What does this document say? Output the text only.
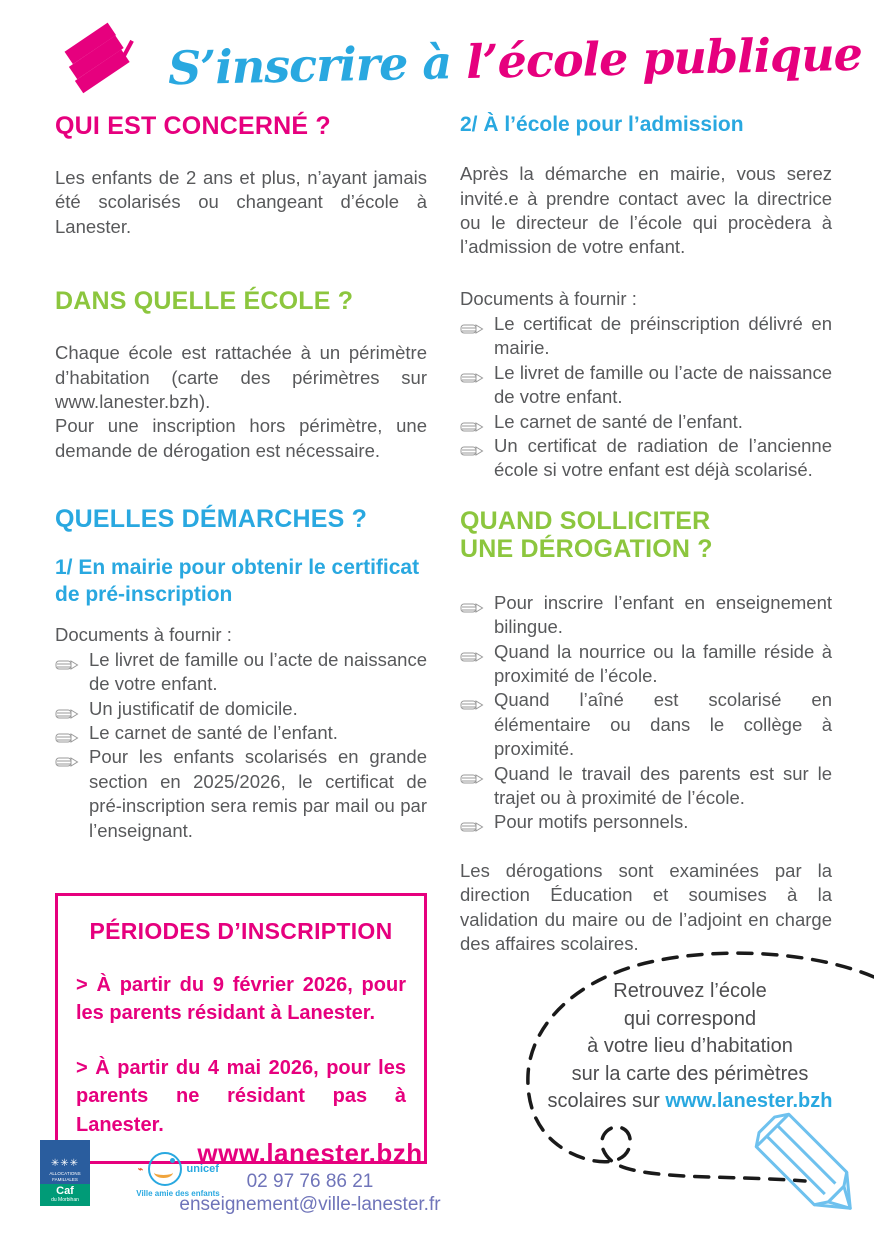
S’inscrire à l’école publique
QUI EST CONCERNÉ ?

Les enfants de 2 ans et plus, n’ayant jamais été scolarisés ou changeant d’école à Lanester.

DANS QUELLE ÉCOLE ?

Chaque école est rattachée à un périmètre d’habitation (carte des périmètres sur www.lanester.bzh).

Pour une inscription hors périmètre, une demande de dérogation est nécessaire.

QUELLES DÉMARCHES ?

1/ En mairie pour obtenir le certificat de pré-inscription

Documents à fournir :

Le livret de famille ou l’acte de naissance de votre enfant.
Un justificatif de domicile.
Le carnet de santé de l’enfant.
Pour les enfants scolarisés en grande section en 2025/2026, le certificat de pré-inscription sera remis par mail ou par l’enseignant.
PÉRIODES D’INSCRIPTION

> À partir du 9 février 2026, pour les parents résidant à Lanester.

> À partir du 4 mai 2026, pour les parents ne résidant pas à Lanester.

2/ À l’école pour l’admission

Après la démarche en mairie, vous serez invité.e à prendre contact avec la directrice ou le directeur de l’école qui procèdera à l’admission de votre enfant.

Documents à fournir :

Le certificat de préinscription délivré en mairie.
Le livret de famille ou l’acte de naissance de votre enfant.
Le carnet de santé de l’enfant.
Un certificat de radiation de l’ancienne école si votre enfant est déjà scolarisé.
QUAND SOLLICITER
UNE DÉROGATION ?
Pour inscrire l’enfant en enseignement bilingue.
Quand la nourrice ou la famille réside à proximité de l’école.
Quand l’aîné est scolarisé en élémentaire ou dans le collège à proximité.
Quand le travail des parents est sur le trajet ou à proximité de l’école.
Pour motifs personnels.

Les dérogations sont examinées par la direction Éducation et soumises à la validation du maire ou de l’adjoint en charge des affaires scolaires.

Retrouvez l’école
qui correspond
à votre lieu d’habitation
sur la carte des périmètres
scolaires sur www.lanester.bzh
✳✳✳
ALLOCATIONS
FAMILIALES
Caf
du Morbihan
⌁	unicef
Ville amie des enfants
www.lanester.bzh
02 97 76 86 21
enseignement@ville-lanester.fr
